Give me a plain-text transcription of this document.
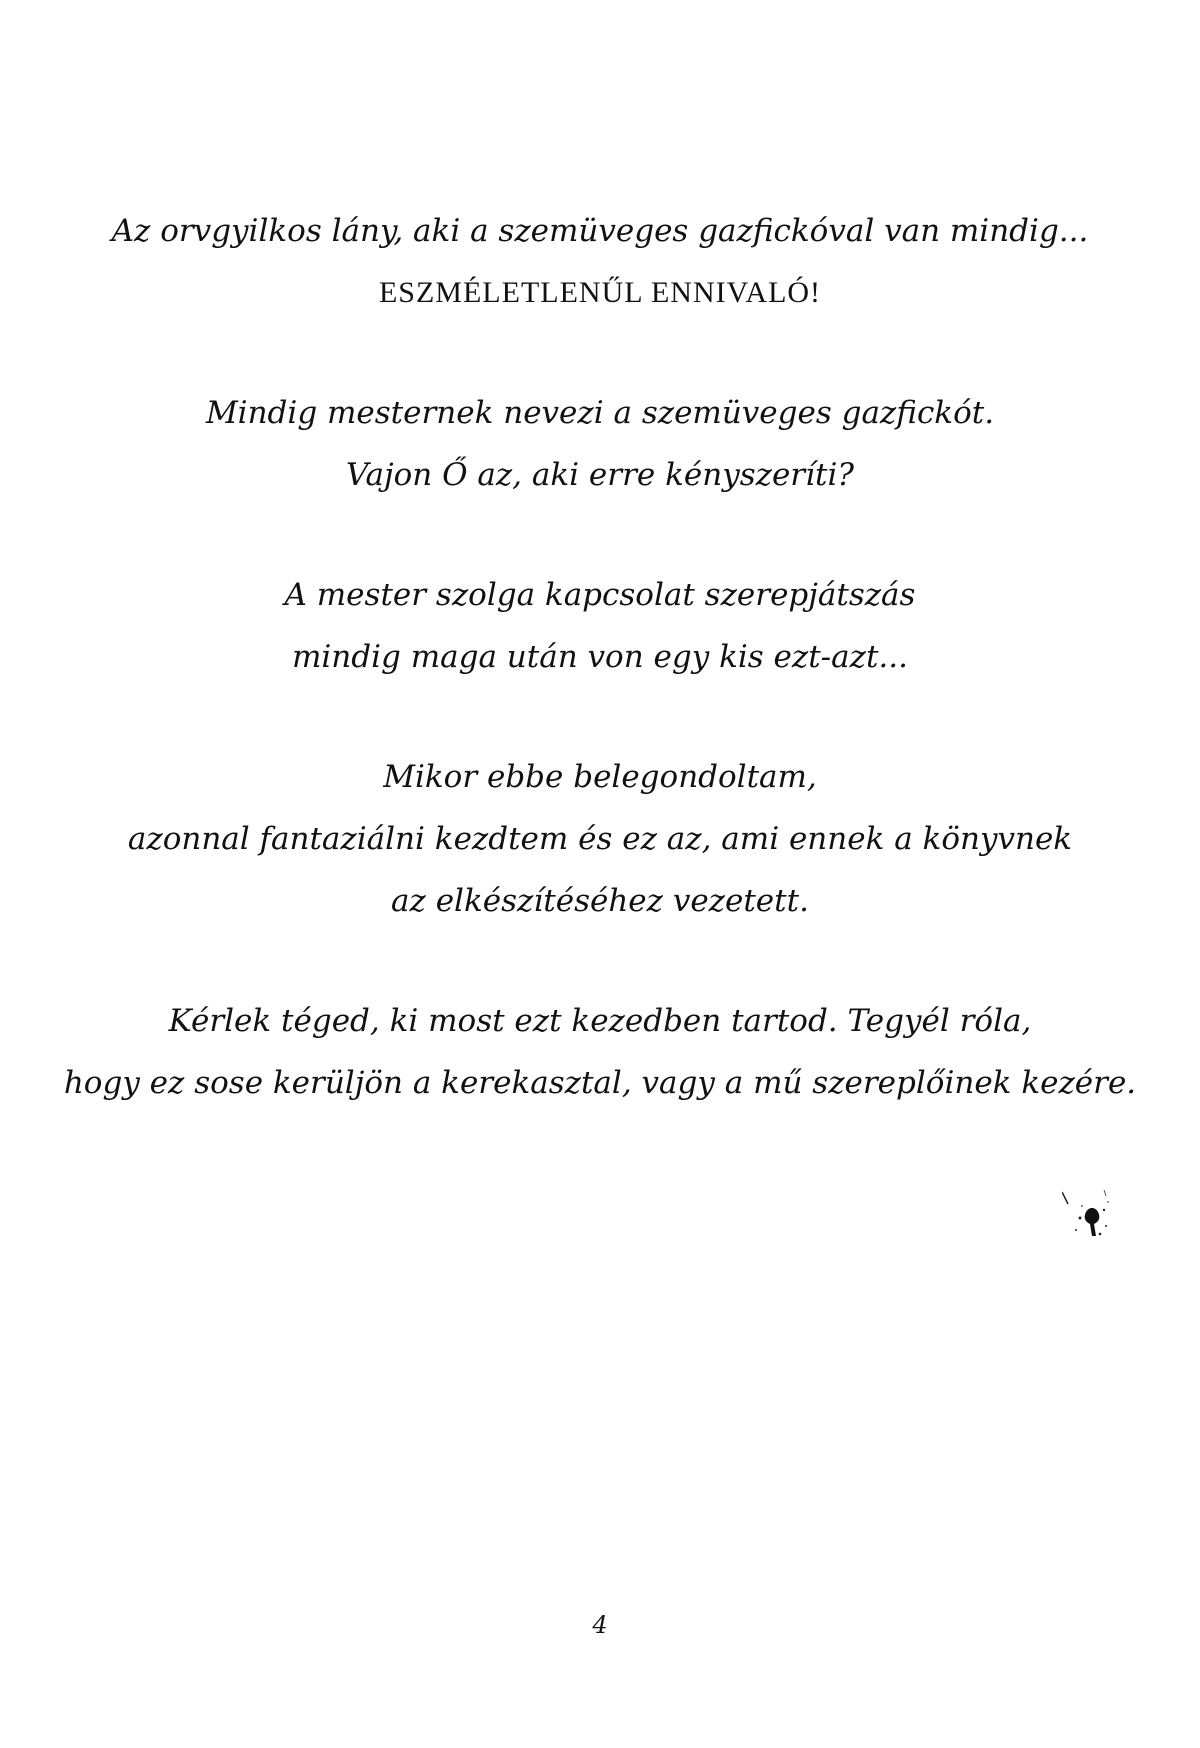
Az orvgyilkos lány, aki a szemüveges gazfickóval van mindig...
ESZMÉLETLENŰL ENNIVALÓ!
Mindig mesternek nevezi a szemüveges gazfickót.
Vajon Ő az, aki erre kényszeríti?
A mester szolga kapcsolat szerepjátszás
mindig maga után von egy kis ezt-azt...
Mikor ebbe belegondoltam,
azonnal fantaziálni kezdtem és ez az, ami ennek a könyvnek
az elkészítéséhez vezetett.
Kérlek téged, ki most ezt kezedben tartod. Tegyél róla,
hogy ez sose kerüljön a kerekasztal, vagy a mű szereplőinek kezére.
4
